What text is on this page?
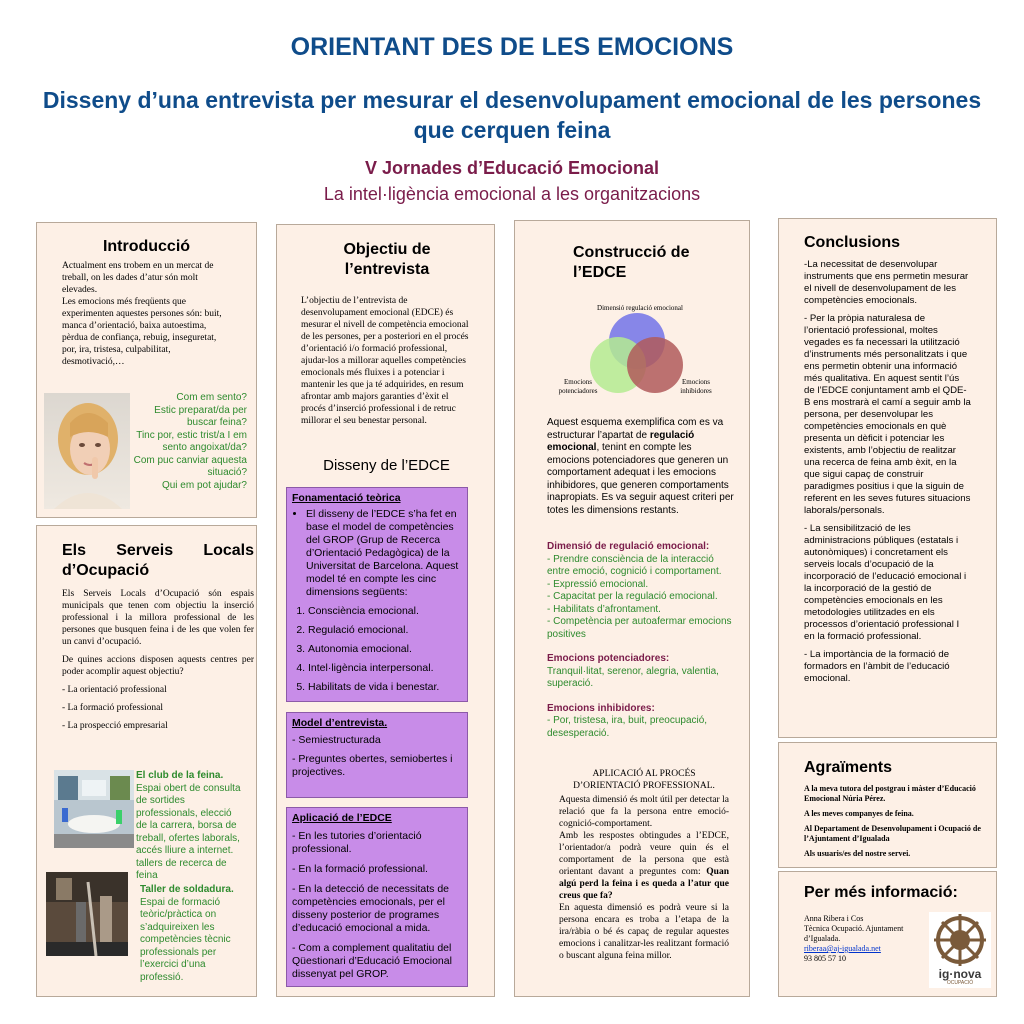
ORIENTANT DES DE LES EMOCIONS
Disseny d’una entrevista per mesurar el desenvolupament emocional de les persones que cerquen feina
V Jornades d’Educació Emocional
La intel·ligència emocional a les organitzacions
Introducció

Actualment ens trobem en un mercat de treball, on les dades d’atur són molt elevades.

Les emocions més freqüents que experimenten aquestes persones són: buit, manca d’orientació, baixa autoestima, pèrdua de confiança, rebuig, inseguretat, por, ira, tristesa, culpabilitat, desmotivació,…

Com em sento?

Estic preparat/da per buscar feina?

Tinc por, estic trist/a I em sento angoixat/da?

Com puc canviar aquesta situació?

Qui em pot ajudar?

Els Serveis Locals d’Ocupació

Els Serveis Locals d’Ocupació són espais municipals que tenen com objectiu la inserció professional i la millora professional de les persones que busquen feina i de les que volen fer un canvi d’ocupació.

De quines accions disposen aquests centres per poder acomplir aquest objectiu?

- La orientació professional

- La formació professional

- La prospecció empresarial

El club de la feina.

Espai obert de consulta de sortides professionals, elecció de la carrera, borsa de treball, ofertes laborals, accés lliure a internet. tallers de recerca de feina

Taller de soldadura.

Espai de formació teòric/pràctica on s’adquireixen les competències tècnic professionals per l’exercici d’una professió.

Objectiu de l’entrevista
L’objectiu de l’entrevista de desenvolupament emocional (EDCE) és mesurar el nivell de competència emocional de les persones, per a posteriori en el procés d’orientació i/o formació professional, ajudar-los a millorar aquelles competències emocionals més fluixes i a potenciar i mantenir les que ja té adquirides, en resum afrontar amb majors garanties d’èxit el procés d’inserció professional i de retruc millorar el seu benestar personal.
Disseny de l’EDCE
Fonamentació teòrica
• El disseny de l’EDCE s’ha fet en base el model de competències del GROP (Grup de Recerca d’Orientació Pedagògica) de la Universitat de Barcelona. Aquest model té en compte les cinc dimensions següents:
1. Consciència emocional.
2. Regulació emocional.
3. Autonomia emocional.
4. Intel·ligència interpersonal.
5. Habilitats de vida i benestar.
Model d’entrevista.

- Semiestructurada

- Preguntes obertes, semiobertes i projectives.

Aplicació de l’EDCE

- En les tutories d’orientació professional.

- En la formació professional.

- En la detecció de necessitats de competències emocionals, per el disseny posterior de programes d’educació emocional a mida.

- Com a complement qualitatiu del Qüestionari d’Educació Emocional dissenyat pel GROP.

Construcció de l’EDCE
Dimensió regulació emocional
Emocions potenciadores
Emocions inhibidores
Aquest esquema exemplifica com es va estructurar l’apartat de regulació emocional, tenint en compte les emocions potenciadores que generen un comportament adequat i les emocions inhibidores, que generen comportaments inapropiats. Es va seguir aquest criteri per totes les dimensions restants.

Dimensió de regulació emocional:

- Prendre consciència de la interacció entre emoció, cognició i comportament.

- Expressió emocional.

- Capacitat per la regulació emocional.

- Habilitats d’afrontament.

- Competència per autoafermar emocions positives

Emocions potenciadores:

Tranquil·litat, serenor, alegria, valentia, superació.

Emocions inhibidores:

- Por, tristesa, ira, buit, preocupació, desesperació.

APLICACIÓ AL PROCÉS D’ORIENTACIÓ PROFESSIONAL.

Aquesta dimensió és molt útil per detectar la relació que fa la persona entre emoció-cognició-comportament.

Amb les respostes obtingudes a l’EDCE, l’orientador/a podrà veure quin és el comportament de la persona que està orientant davant a preguntes com: Quan algú perd la feina i es queda a l’atur que creus que fa?

En aquesta dimensió es podrà veure si la persona encara es troba a l’etapa de la ira/ràbia o bé és capaç de regular aquestes emocions i canalitzar-les realitzant formació o buscant alguna feina millor.

Conclusions

-La necessitat de desenvolupar instruments que ens permetin mesurar el nivell de desenvolupament de les competències emocionals.

- Per la pròpia naturalesa de l’orientació professional, moltes vegades es fa necessari la utilització d’instruments més personalitzats i que ens permetin obtenir una informació més qualitativa. En aquest sentit l’ús de l’EDCE conjuntament amb el QDE-B ens mostrarà el camí a seguir amb la persona, per desenvolupar les competències emocionals en què presenta un dèficit i potenciar les existents, amb l’objectiu de realitzar una recerca de feina amb èxit, en la que sigui capaç de construir paradigmes positius i que la siguin de referent en les seves futures situacions laborals/personals.

- La sensibilització de les administracions públiques (estatals i autonòmiques) i concretament els serveis locals d’ocupació de la incorporació de l’educació emocional i la incorporació de la gestió de competències emocionals en les metodologies utilitzades en els processos d’orientació professional I en la formació professional.

- La importància de la formació de formadors en l’àmbit de l’educació emocional.

Agraïments

A la meva tutora del postgrau i màster d’Educació Emocional Núria Pérez.

A les meves companyes de feina.

Al Departament de Desenvolupament i Ocupació de l’Ajuntament d’Igualada

Als usuaris/es del nostre servei.

Per més informació:

Anna Ribera i Cos

Tècnica Ocupació. Ajuntament d’Igualada.

riberaa@aj-igualada.net

93 805 57 10

ig·nova
OCUPACIÓ
